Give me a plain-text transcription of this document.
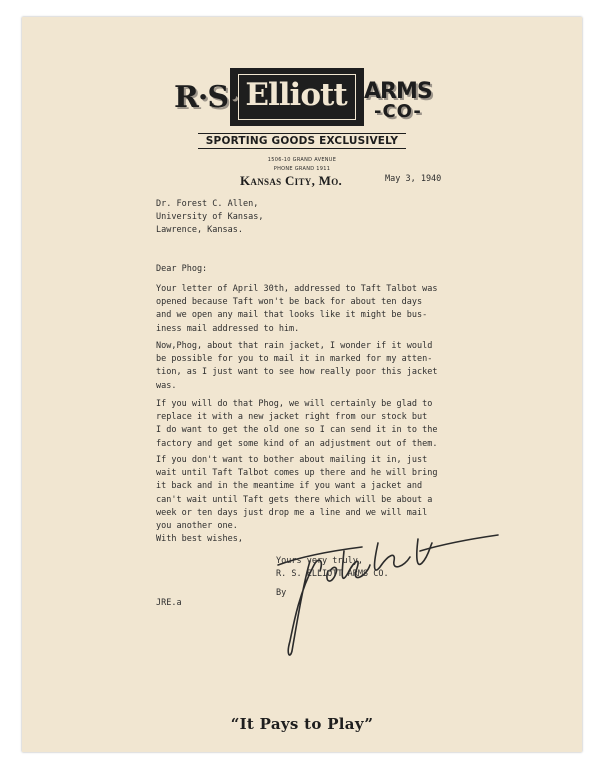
R·S· Elliott ARMS
-CO-
SPORTING GOODS EXCLUSIVELY
1506-10 GRAND AVENUE
PHONE GRAND 1911
Kansas City, Mo.	May 3, 1940
Dr. Forest C. Allen,
University of Kansas,
Lawrence, Kansas.
Dear Phog:
Your letter of April 30th, addressed to Taft Talbot was
opened because Taft won't be back for about ten days
and we open any mail that looks like it might be bus-
iness mail addressed to him.
Now,Phog, about that rain jacket, I wonder if it would
be possible for you to mail it in marked for my atten-
tion, as I just want to see how really poor this jacket
was.
If you will do that Phog, we will certainly be glad to
replace it with a new jacket right from our stock but
I do want to get the old one so I can send it in to the
factory and get some kind of an adjustment out of them.
If you don't want to bother about mailing it in, just
wait until Taft Talbot comes up there and he will bring
it back and in the meantime if you want a jacket and
can't wait until Taft gets there which will be about a
week or ten days just drop me a line and we will mail
you another one.
With best wishes,
Yours very truly,
R. S. ELLIOTT ARMS CO.
By
JRE.a
“It Pays to Play”
